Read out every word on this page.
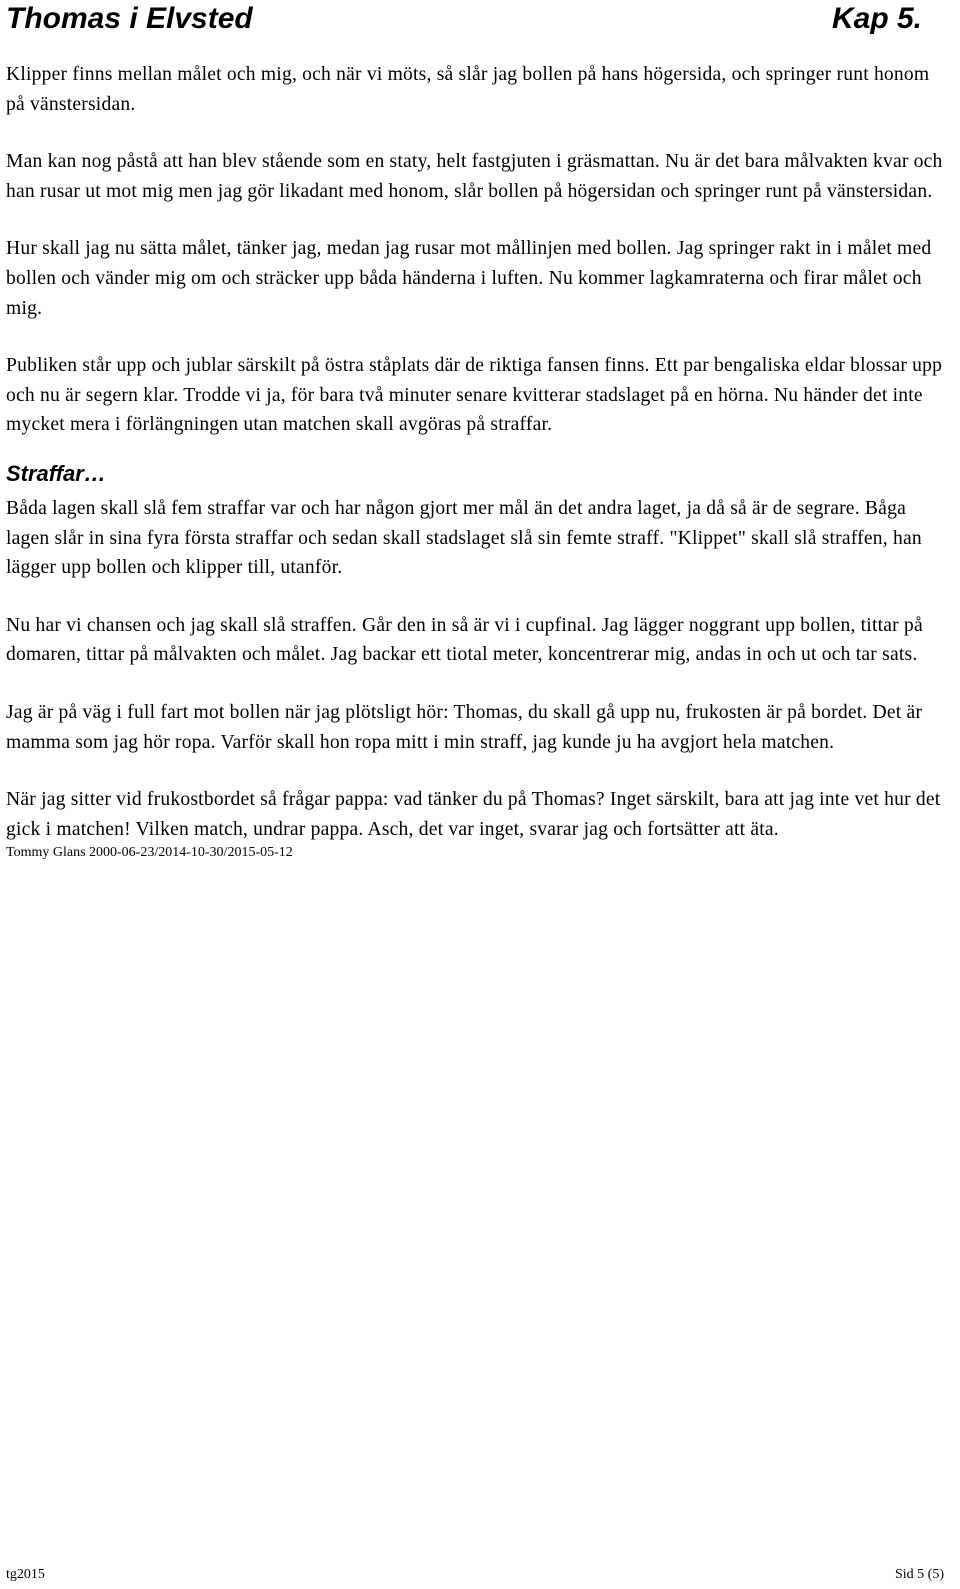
Thomas i Elvsted	Kap 5.

Klipper finns mellan målet och mig, och när vi möts, så slår jag bollen på hans högersida, och springer runt honom på vänstersidan.

Man kan nog påstå att han blev stående som en staty, helt fastgjuten i gräsmattan. Nu är det bara målvakten kvar och han rusar ut mot mig men jag gör likadant med honom, slår bollen på högersidan och springer runt på vänstersidan.

Hur skall jag nu sätta målet, tänker jag, medan jag rusar mot mållinjen med bollen. Jag springer rakt in i målet med bollen och vänder mig om och sträcker upp båda händerna i luften. Nu kommer lagkamraterna och firar målet och mig.

Publiken står upp och jublar särskilt på östra ståplats där de riktiga fansen finns. Ett par bengaliska eldar blossar upp och nu är segern klar. Trodde vi ja, för bara två minuter senare kvitterar stadslaget på en hörna. Nu händer det inte mycket mera i förlängningen utan matchen skall avgöras på straffar.

Straffar…

Båda lagen skall slå fem straffar var och har någon gjort mer mål än det andra laget, ja då så är de segrare. Båga lagen slår in sina fyra första straffar och sedan skall stadslaget slå sin femte straff. "Klippet" skall slå straffen, han lägger upp bollen och klipper till, utanför.

Nu har vi chansen och jag skall slå straffen. Går den in så är vi i cupfinal. Jag lägger noggrant upp bollen, tittar på domaren, tittar på målvakten och målet. Jag backar ett tiotal meter, koncentrerar mig, andas in och ut och tar sats.

Jag är på väg i full fart mot bollen när jag plötsligt hör: Thomas, du skall gå upp nu, frukosten är på bordet. Det är mamma som jag hör ropa. Varför skall hon ropa mitt i min straff, jag kunde ju ha avgjort hela matchen.

När jag sitter vid frukostbordet så frågar pappa: vad tänker du på Thomas? Inget särskilt, bara att jag inte vet hur det gick i matchen! Vilken match, undrar pappa. Asch, det var inget, svarar jag och fortsätter att äta.

Tommy Glans 2000-06-23/2014-10-30/2015-05-12

tg2015	Sid 5 (5)
